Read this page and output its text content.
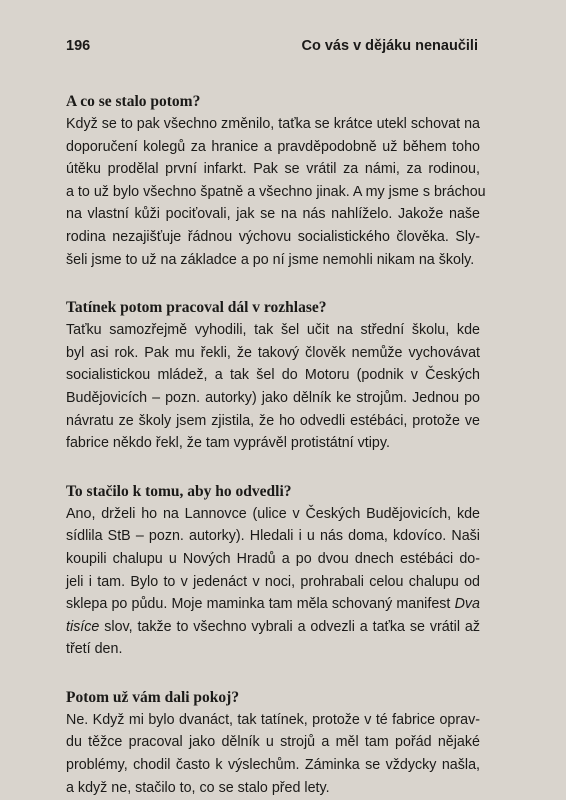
196	Co vás v dějáku nenaučili

A co se stalo potom?

Když se to pak všechno změnilo, taťka se krátce utekl schovat na
doporučení kolegů za hranice a pravděpodobně už během toho
útěku prodělal první infarkt. Pak se vrátil za námi, za rodinou,
a to už bylo všechno špatně a všechno jinak. A my jsme s bráchou
na vlastní kůži pociťovali, jak se na nás nahlíželo. Jakože naše
rodina nezajišťuje řádnou výchovu socialistického člověka. Sly-
šeli jsme to už na základce a po ní jsme nemohli nikam na školy.

Tatínek potom pracoval dál v rozhlase?

Taťku samozřejmě vyhodili, tak šel učit na střední školu, kde
byl asi rok. Pak mu řekli, že takový člověk nemůže vychovávat
socialistickou mládež, a tak šel do Motoru (podnik v Českých
Budějovicích – pozn. autorky) jako dělník ke strojům. Jednou po
návratu ze školy jsem zjistila, že ho odvedli estébáci, protože ve
fabrice někdo řekl, že tam vyprávěl protistátní vtipy.

To stačilo k tomu, aby ho odvedli?

Ano, drželi ho na Lannovce (ulice v Českých Budějovicích, kde
sídlila StB – pozn. autorky). Hledali i u nás doma, kdovíco. Naši
koupili chalupu u Nových Hradů a po dvou dnech estébáci do-
jeli i tam. Bylo to v jedenáct v noci, prohrabali celou chalupu od
sklepa po půdu. Moje maminka tam měla schovaný manifest Dva
tisíce slov, takže to všechno vybrali a odvezli a taťka se vrátil až
třetí den.

Potom už vám dali pokoj?

Ne. Když mi bylo dvanáct, tak tatínek, protože v té fabrice oprav-
du těžce pracoval jako dělník u strojů a měl tam pořád nějaké
problémy, chodil často k výslechům. Záminka se vždycky našla,
a když ne, stačilo to, co se stalo před lety.
